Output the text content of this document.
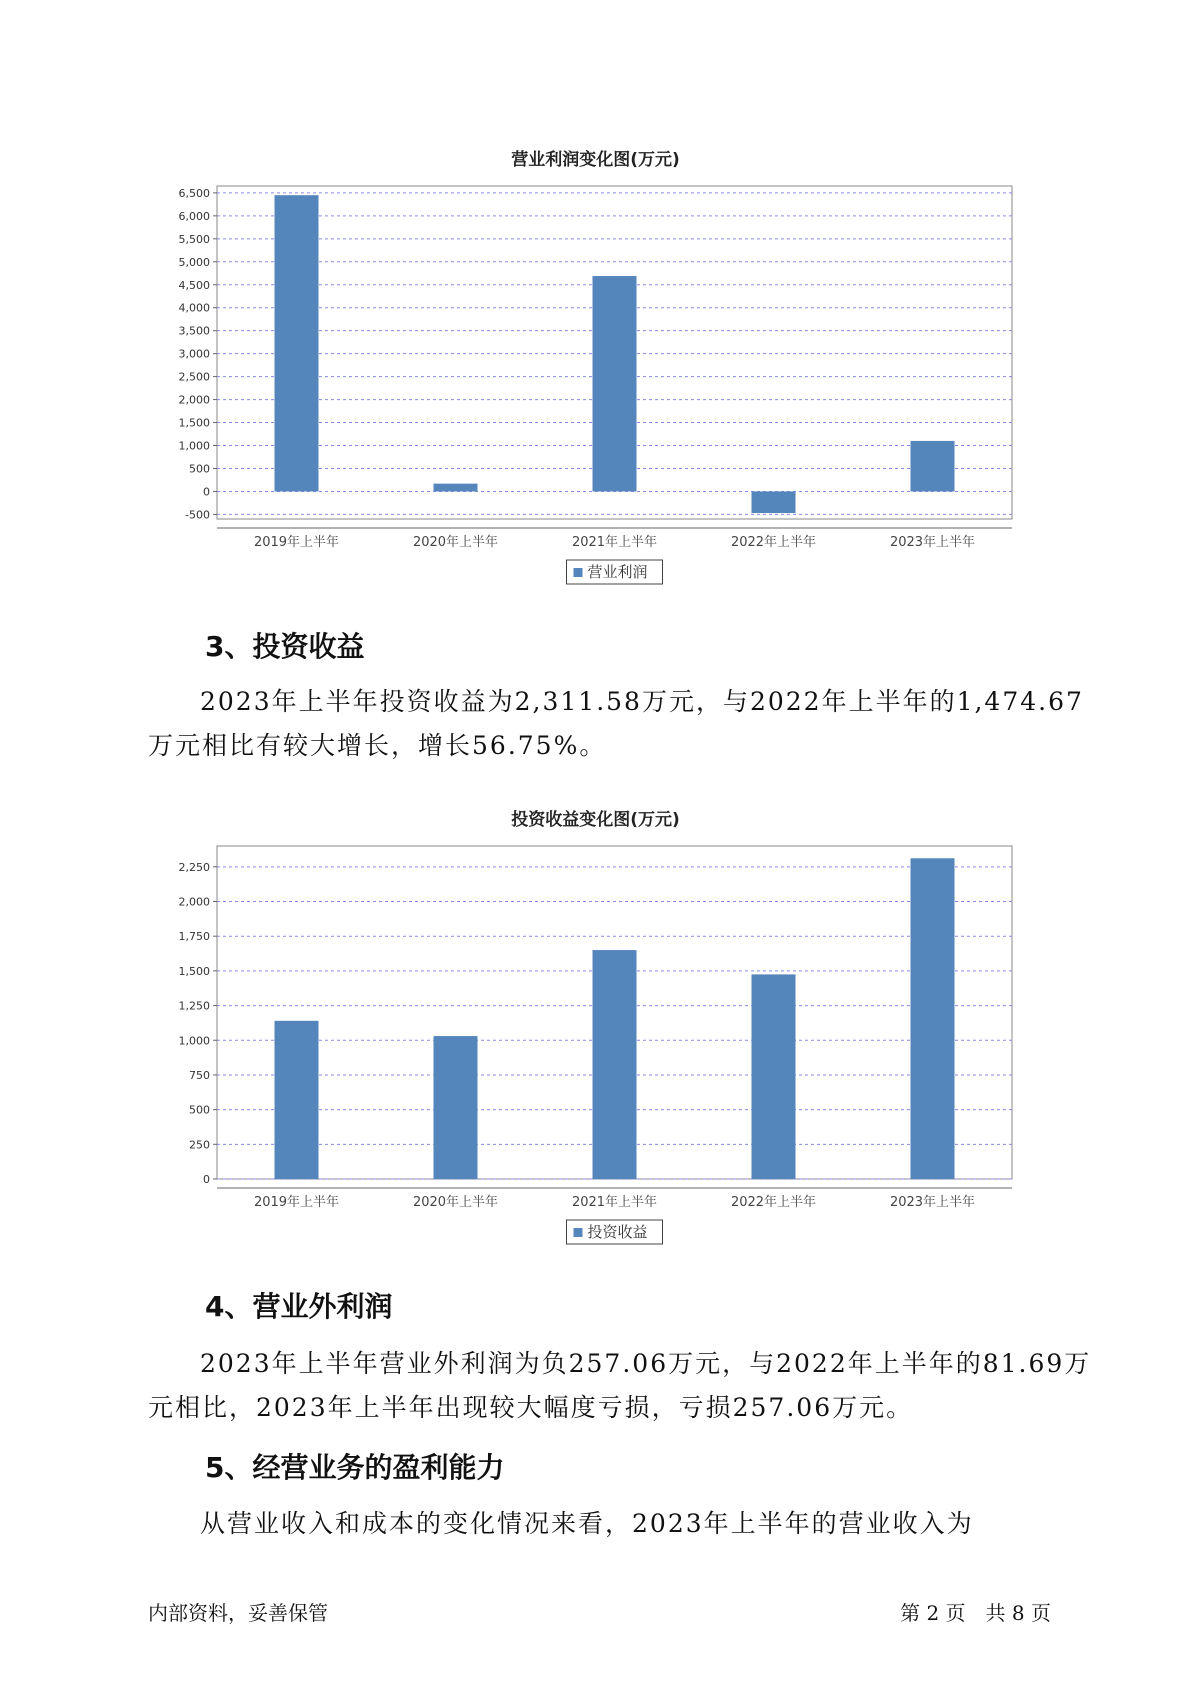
营业利润变化图(万元)
-500
0
500
1,000
1,500
2,000
2,500
3,000
3,500
4,000
4,500
5,000
5,500
6,000
6,500
2019年上半年	2020年上半年	2021年上半年	2022年上半年	2023年上半年
营业利润
3、投资收益
2023年上半年投资收益为2,311.58万元，与2022年上半年的1,474.67
万元相比有较大增长，增长56.75%。
投资收益变化图(万元)
0
250
500
750
1,000
1,250
1,500
1,750
2,000
2,250
2019年上半年	2020年上半年	2021年上半年	2022年上半年	2023年上半年
投资收益
4、营业外利润
2023年上半年营业外利润为负257.06万元，与2022年上半年的81.69万
元相比，2023年上半年出现较大幅度亏损，亏损257.06万元。
5、经营业务的盈利能力
从营业收入和成本的变化情况来看，2023年上半年的营业收入为
内部资料，妥善保管	第 2 页　共 8 页
